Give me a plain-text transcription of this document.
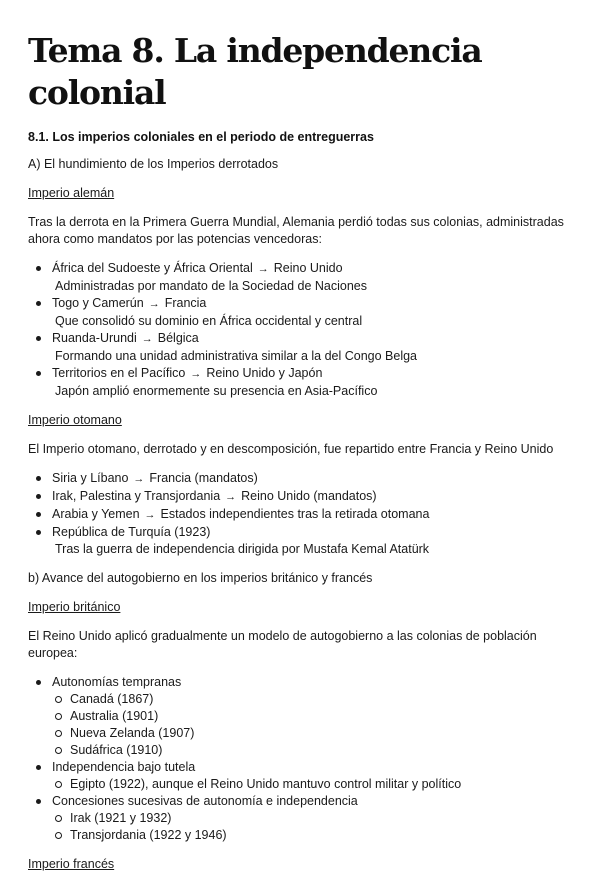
Tema 8. La independencia colonial
8.1. Los imperios coloniales en el periodo de entreguerras

A) El hundimiento de los Imperios derrotados

Imperio alemán

Tras la derrota en la Primera Guerra Mundial, Alemania perdió todas sus colonias, administradas ahora como mandatos por las potencias vencedoras:

África del Sudoeste y África Oriental → Reino Unido
Administradas por mandato de la Sociedad de Naciones
Togo y Camerún → Francia
Que consolidó su dominio en África occidental y central
Ruanda-Urundi → Bélgica
Formando una unidad administrativa similar a la del Congo Belga
Territorios en el Pacífico → Reino Unido y Japón
Japón amplió enormemente su presencia en Asia-Pacífico

Imperio otomano

El Imperio otomano, derrotado y en descomposición, fue repartido entre Francia y Reino Unido

Siria y Líbano → Francia (mandatos)
Irak, Palestina y Transjordania → Reino Unido (mandatos)
Arabia y Yemen → Estados independientes tras la retirada otomana
República de Turquía (1923)
Tras la guerra de independencia dirigida por Mustafa Kemal Atatürk

b) Avance del autogobierno en los imperios británico y francés

Imperio británico

El Reino Unido aplicó gradualmente un modelo de autogobierno a las colonias de población europea:

Autonomías tempranas
Canadá (1867)
Australia (1901)
Nueva Zelanda (1907)
Sudáfrica (1910)
Independencia bajo tutela
Egipto (1922), aunque el Reino Unido mantuvo control militar y político
Concesiones sucesivas de autonomía e independencia
Irak (1921 y 1932)
Transjordania (1922 y 1946)

Imperio francés
